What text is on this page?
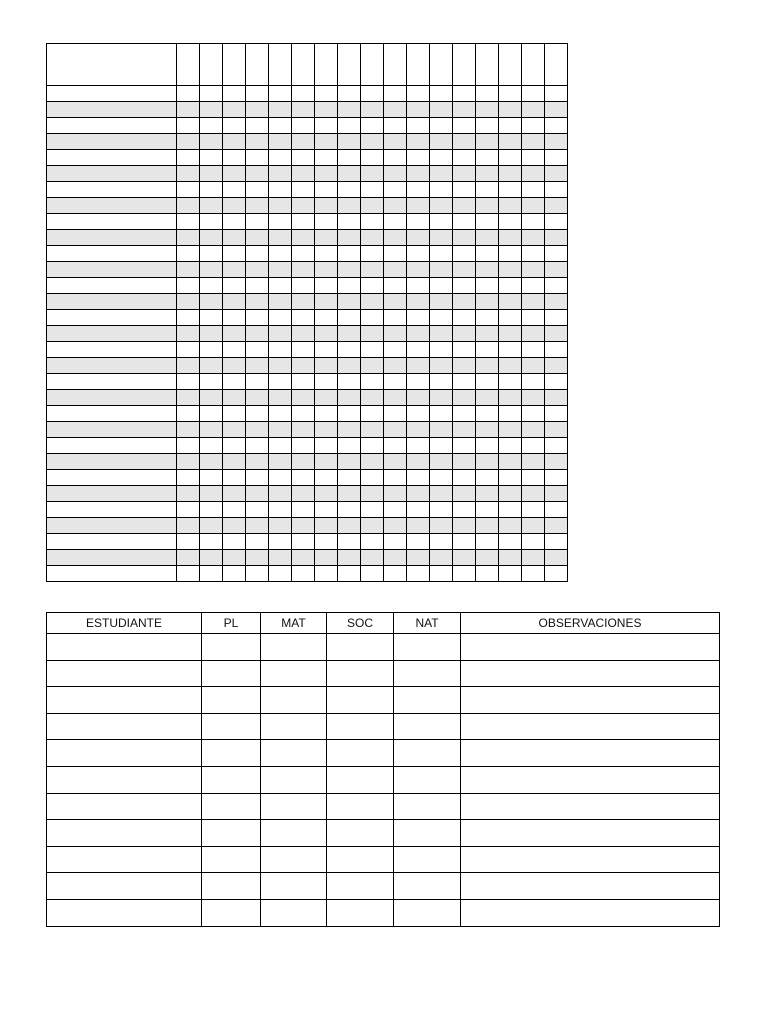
ESTUDIANTE	PL	MAT	SOC	NAT	OBSERVACIONES
